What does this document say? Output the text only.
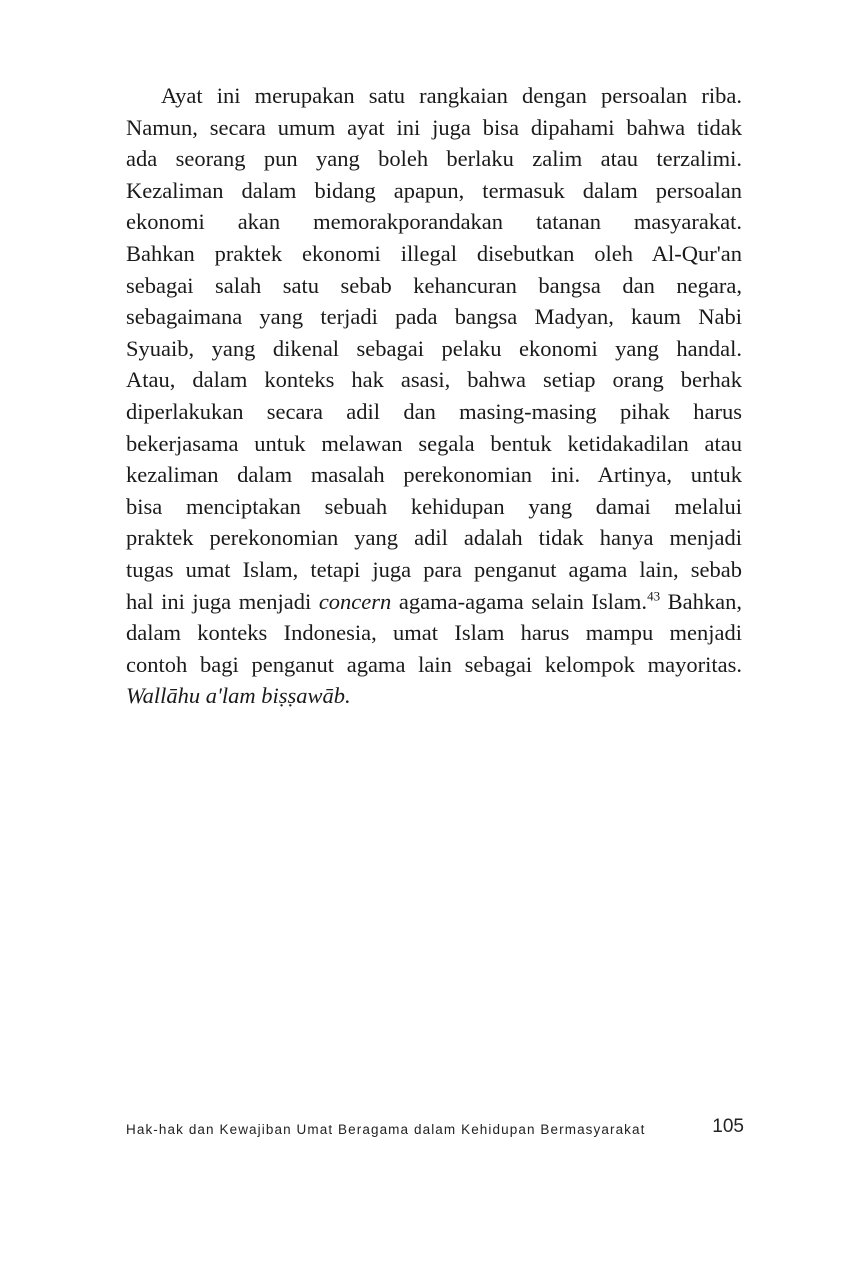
Ayat ini merupakan satu rangkaian dengan persoalan riba.
Namun, secara umum ayat ini juga bisa dipahami bahwa tidak
ada seorang pun yang boleh berlaku zalim atau terzalimi.
Kezaliman dalam bidang apapun, termasuk dalam persoalan
ekonomi akan memorakporandakan tatanan masyarakat.
Bahkan praktek ekonomi illegal disebutkan oleh Al-Qur'an
sebagai salah satu sebab kehancuran bangsa dan negara,
sebagaimana yang terjadi pada bangsa Madyan, kaum Nabi
Syuaib, yang dikenal sebagai pelaku ekonomi yang handal.
Atau, dalam konteks hak asasi, bahwa setiap orang berhak
diperlakukan secara adil dan masing-masing pihak harus
bekerjasama untuk melawan segala bentuk ketidakadilan atau
kezaliman dalam masalah perekonomian ini. Artinya, untuk
bisa menciptakan sebuah kehidupan yang damai melalui
praktek perekonomian yang adil adalah tidak hanya menjadi
tugas umat Islam, tetapi juga para penganut agama lain, sebab
hal ini juga menjadi concern agama-agama selain Islam.$^{43}$ Bahkan,
dalam konteks Indonesia, umat Islam harus mampu menjadi
contoh bagi penganut agama lain sebagai kelompok mayoritas.
Wallāhu a'lam biṣṣawāb.
Hak-hak dan Kewajiban Umat Beragama dalam Kehidupan Bermasyarakat	105
